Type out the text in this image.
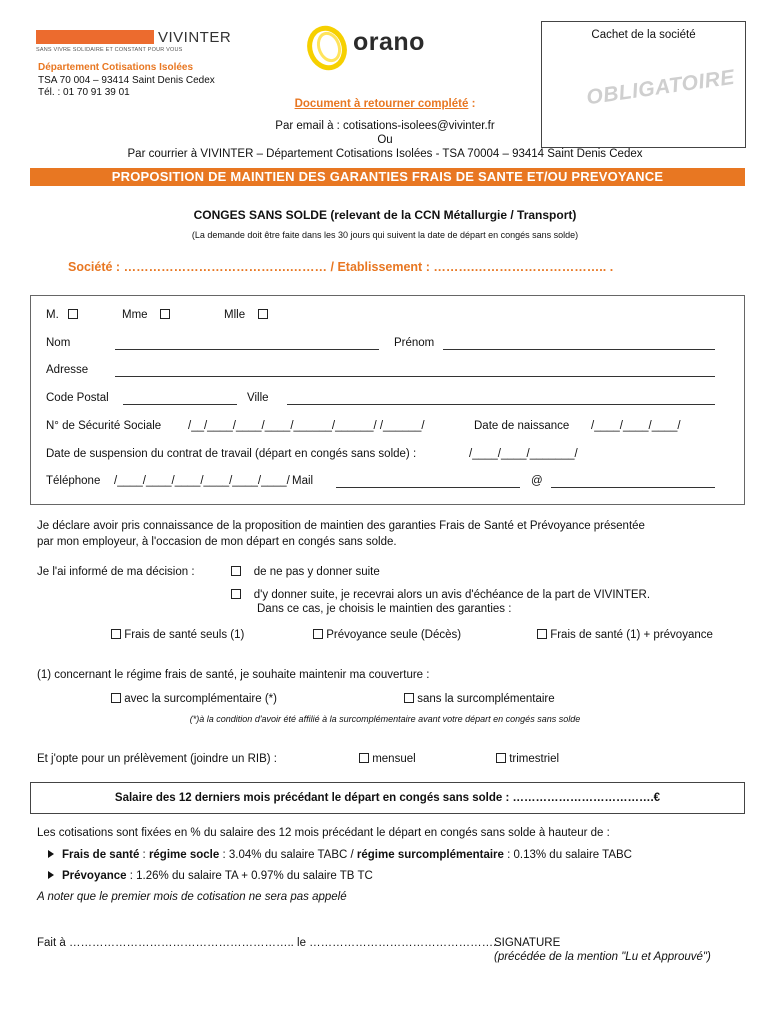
VIVINTER
SANS VIVRE SOLIDAIRE ET CONSTANT POUR VOUS
Département Cotisations Isolées
TSA 70 004 – 93414 Saint Denis Cedex
Tél. : 01 70 91 39 01
orano	Cachet de la société
OBLIGATOIRE
Document à retourner complété :
Par email à : cotisations-isolees@vivinter.fr
Ou
Par courrier à VIVINTER – Département Cotisations Isolées - TSA 70004 – 93414 Saint Denis Cedex
PROPOSITION DE MAINTIEN DES GARANTIES FRAIS DE SANTE ET/OU PREVOYANCE
CONGES SANS SOLDE (relevant de la CCN Métallurgie / Transport)
(La demande doit être faite dans les 30 jours qui suivent la date de départ en congés sans solde)
Société : ………………………………….……… / Etablissement : ……….………………………….. .
M.	Mme	Mlle
Nom	Prénom
Adresse
Code Postal	Ville
N° de Sécurité Sociale /__/____/____/____/______/______/ /______/	Date de naissance /____/____/____/
Date de suspension du contrat de travail (départ en congés sans solde) :	/____/____/_______/
Téléphone /____/____/____/____/____/____/ Mail	@
Je déclare avoir pris connaissance de la proposition de maintien des garanties Frais de Santé et Prévoyance présentée
par mon employeur, à l'occasion de mon départ en congés sans solde.
Je l'ai informé de ma décision :	de ne pas y donner suite
d'y donner suite, je recevrai alors un avis d'échéance de la part de VIVINTER.
Dans ce cas, je choisis le maintien des garanties :
Frais de santé seuls (1)	Prévoyance seule (Décès)	Frais de santé (1) + prévoyance
(1) concernant le régime frais de santé, je souhaite maintenir ma couverture :
avec la surcomplémentaire (*)	sans la surcomplémentaire
(*)à la condition d'avoir été affilié à la surcomplémentaire avant votre départ en congés sans solde
Et j'opte pour un prélèvement (joindre un RIB) :	mensuel	trimestriel
Salaire des 12 derniers mois précédant le départ en congés sans solde : ……………………………….€
Les cotisations sont fixées en % du salaire des 12 mois précédant le départ en congés sans solde à hauteur de :
Frais de santé : régime socle : 3.04% du salaire TABC / régime surcomplémentaire : 0.13% du salaire TABC
Prévoyance : 1.26% du salaire TA + 0.97% du salaire TB TC
A noter que le premier mois de cotisation ne sera pas appelé
Fait à ………………………………………………….. le ………………………………………….
SIGNATURE
(précédée de la mention "Lu et Approuvé")
